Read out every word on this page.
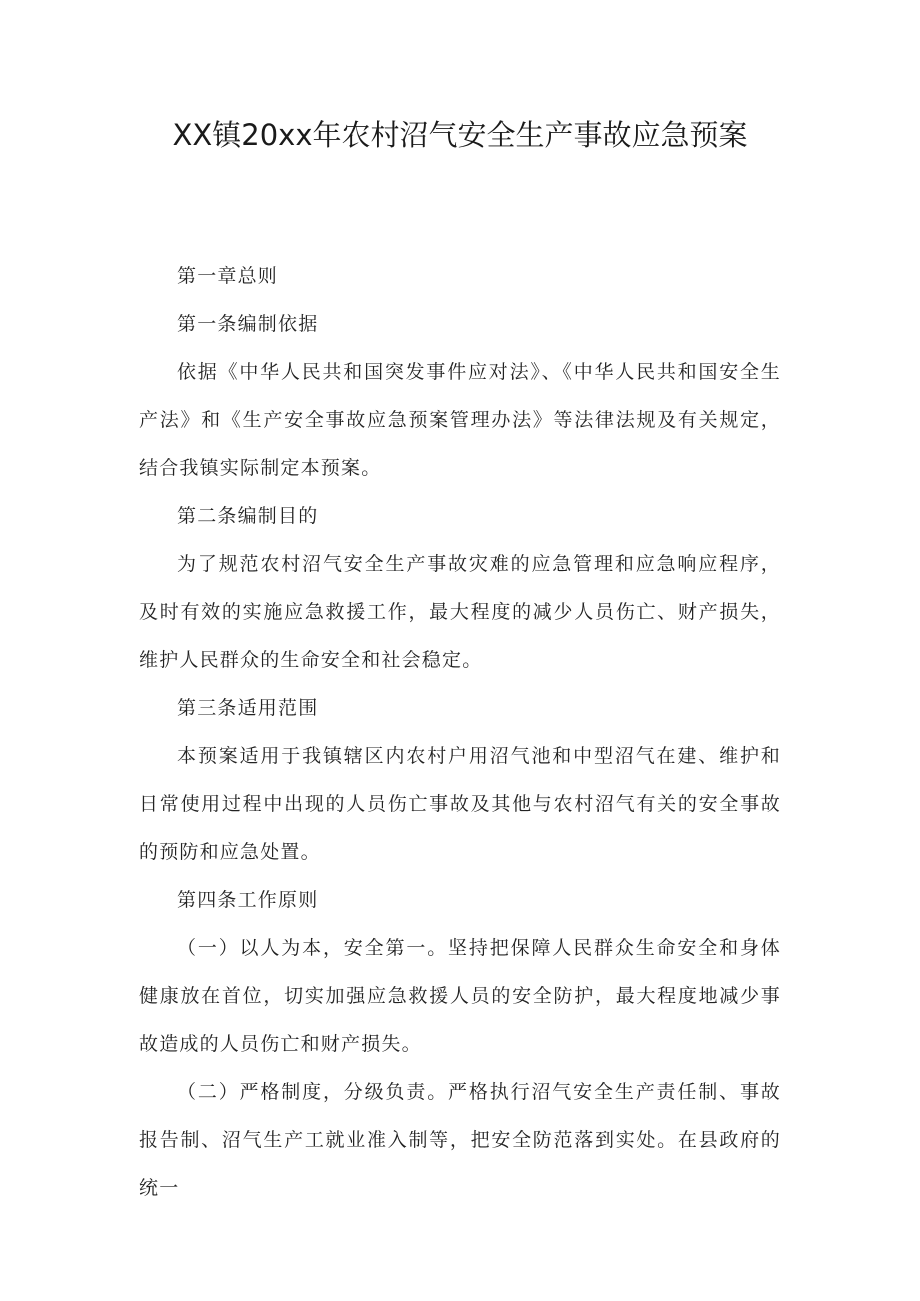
XX镇20xx年农村沼气安全生产事故应急预案

第一章总则

第一条编制依据

依据《中华人民共和国突发事件应对法》、《中华人民共和国安全生产法》和《生产安全事故应急预案管理办法》等法律法规及有关规定，结合我镇实际制定本预案。

第二条编制目的

为了规范农村沼气安全生产事故灾难的应急管理和应急响应程序，及时有效的实施应急救援工作，最大程度的减少人员伤亡、财产损失，维护人民群众的生命安全和社会稳定。

第三条适用范围

本预案适用于我镇辖区内农村户用沼气池和中型沼气在建、维护和日常使用过程中出现的人员伤亡事故及其他与农村沼气有关的安全事故的预防和应急处置。

第四条工作原则

（一）以人为本，安全第一。坚持把保障人民群众生命安全和身体健康放在首位，切实加强应急救援人员的安全防护，最大程度地减少事故造成的人员伤亡和财产损失。

（二）严格制度，分级负责。严格执行沼气安全生产责任制、事故报告制、沼气生产工就业准入制等，把安全防范落到实处。在县政府的统一
